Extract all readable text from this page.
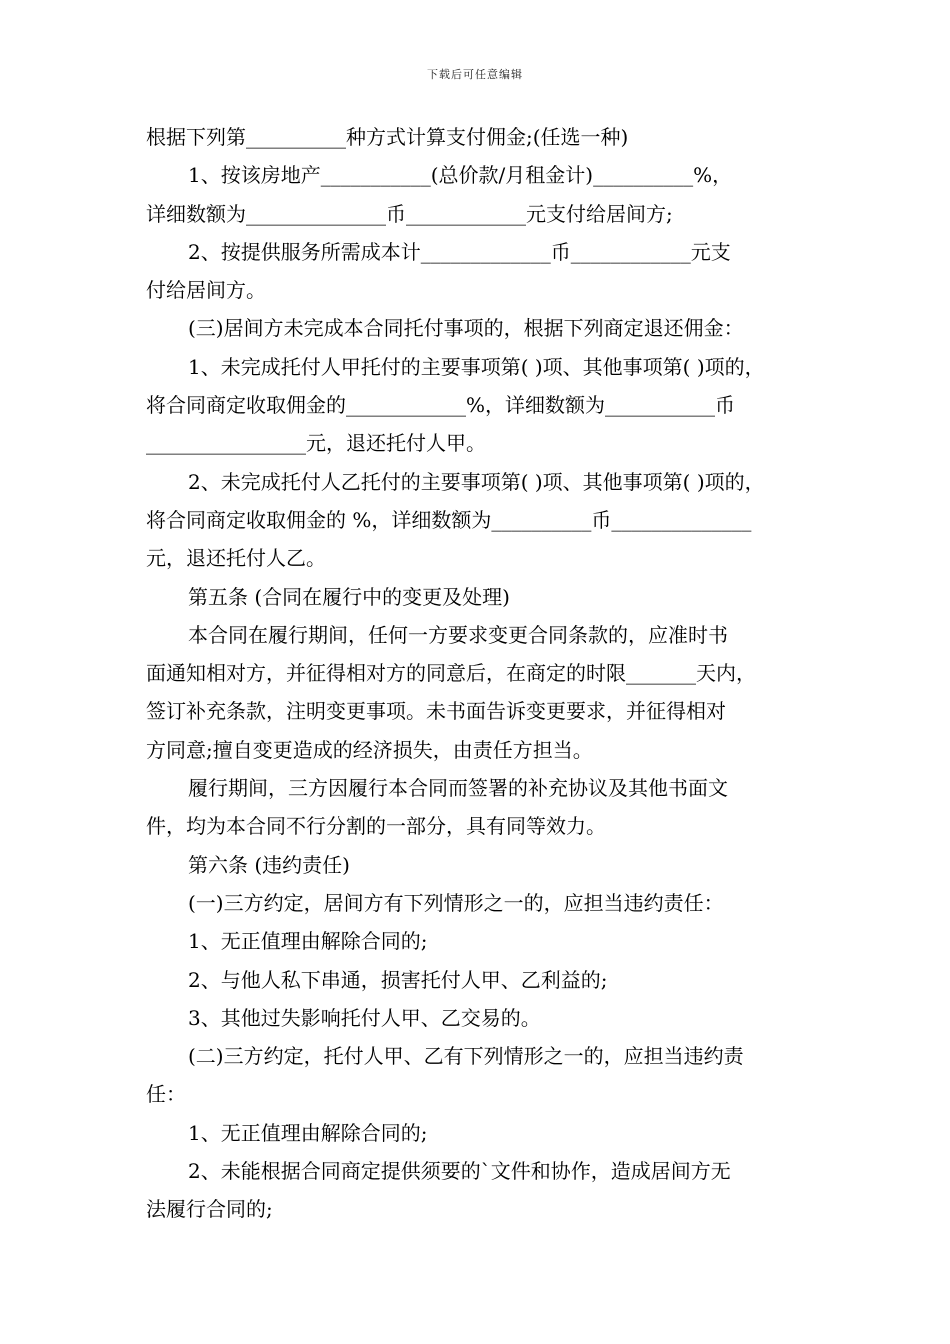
下载后可任意编辑
根据下列第__________种方式计算支付佣金;(任选一种)
1、按该房地产___________(总价款/月租金计)__________%，
详细数额为______________币____________元支付给居间方;
2、按提供服务所需成本计_____________币____________元支
付给居间方。
(三)居间方未完成本合同托付事项的，根据下列商定退还佣金：
1、未完成托付人甲托付的主要事项第( )项、其他事项第( )项的，
将合同商定收取佣金的____________%，详细数额为___________币
________________元，退还托付人甲。
2、未完成托付人乙托付的主要事项第( )项、其他事项第( )项的，
将合同商定收取佣金的 %，详细数额为__________币______________
元，退还托付人乙。
第五条 (合同在履行中的变更及处理)
本合同在履行期间，任何一方要求变更合同条款的，应准时书
面通知相对方，并征得相对方的同意后，在商定的时限_______天内，
签订补充条款，注明变更事项。未书面告诉变更要求，并征得相对
方同意;擅自变更造成的经济损失，由责任方担当。
履行期间，三方因履行本合同而签署的补充协议及其他书面文
件，均为本合同不行分割的一部分，具有同等效力。
第六条 (违约责任)
(一)三方约定，居间方有下列情形之一的，应担当违约责任：
1、无正值理由解除合同的;
2、与他人私下串通，损害托付人甲、乙利益的;
3、其他过失影响托付人甲、乙交易的。
(二)三方约定，托付人甲、乙有下列情形之一的，应担当违约责
任：
1、无正值理由解除合同的;
2、未能根据合同商定提供须要的`文件和协作，造成居间方无
法履行合同的;
